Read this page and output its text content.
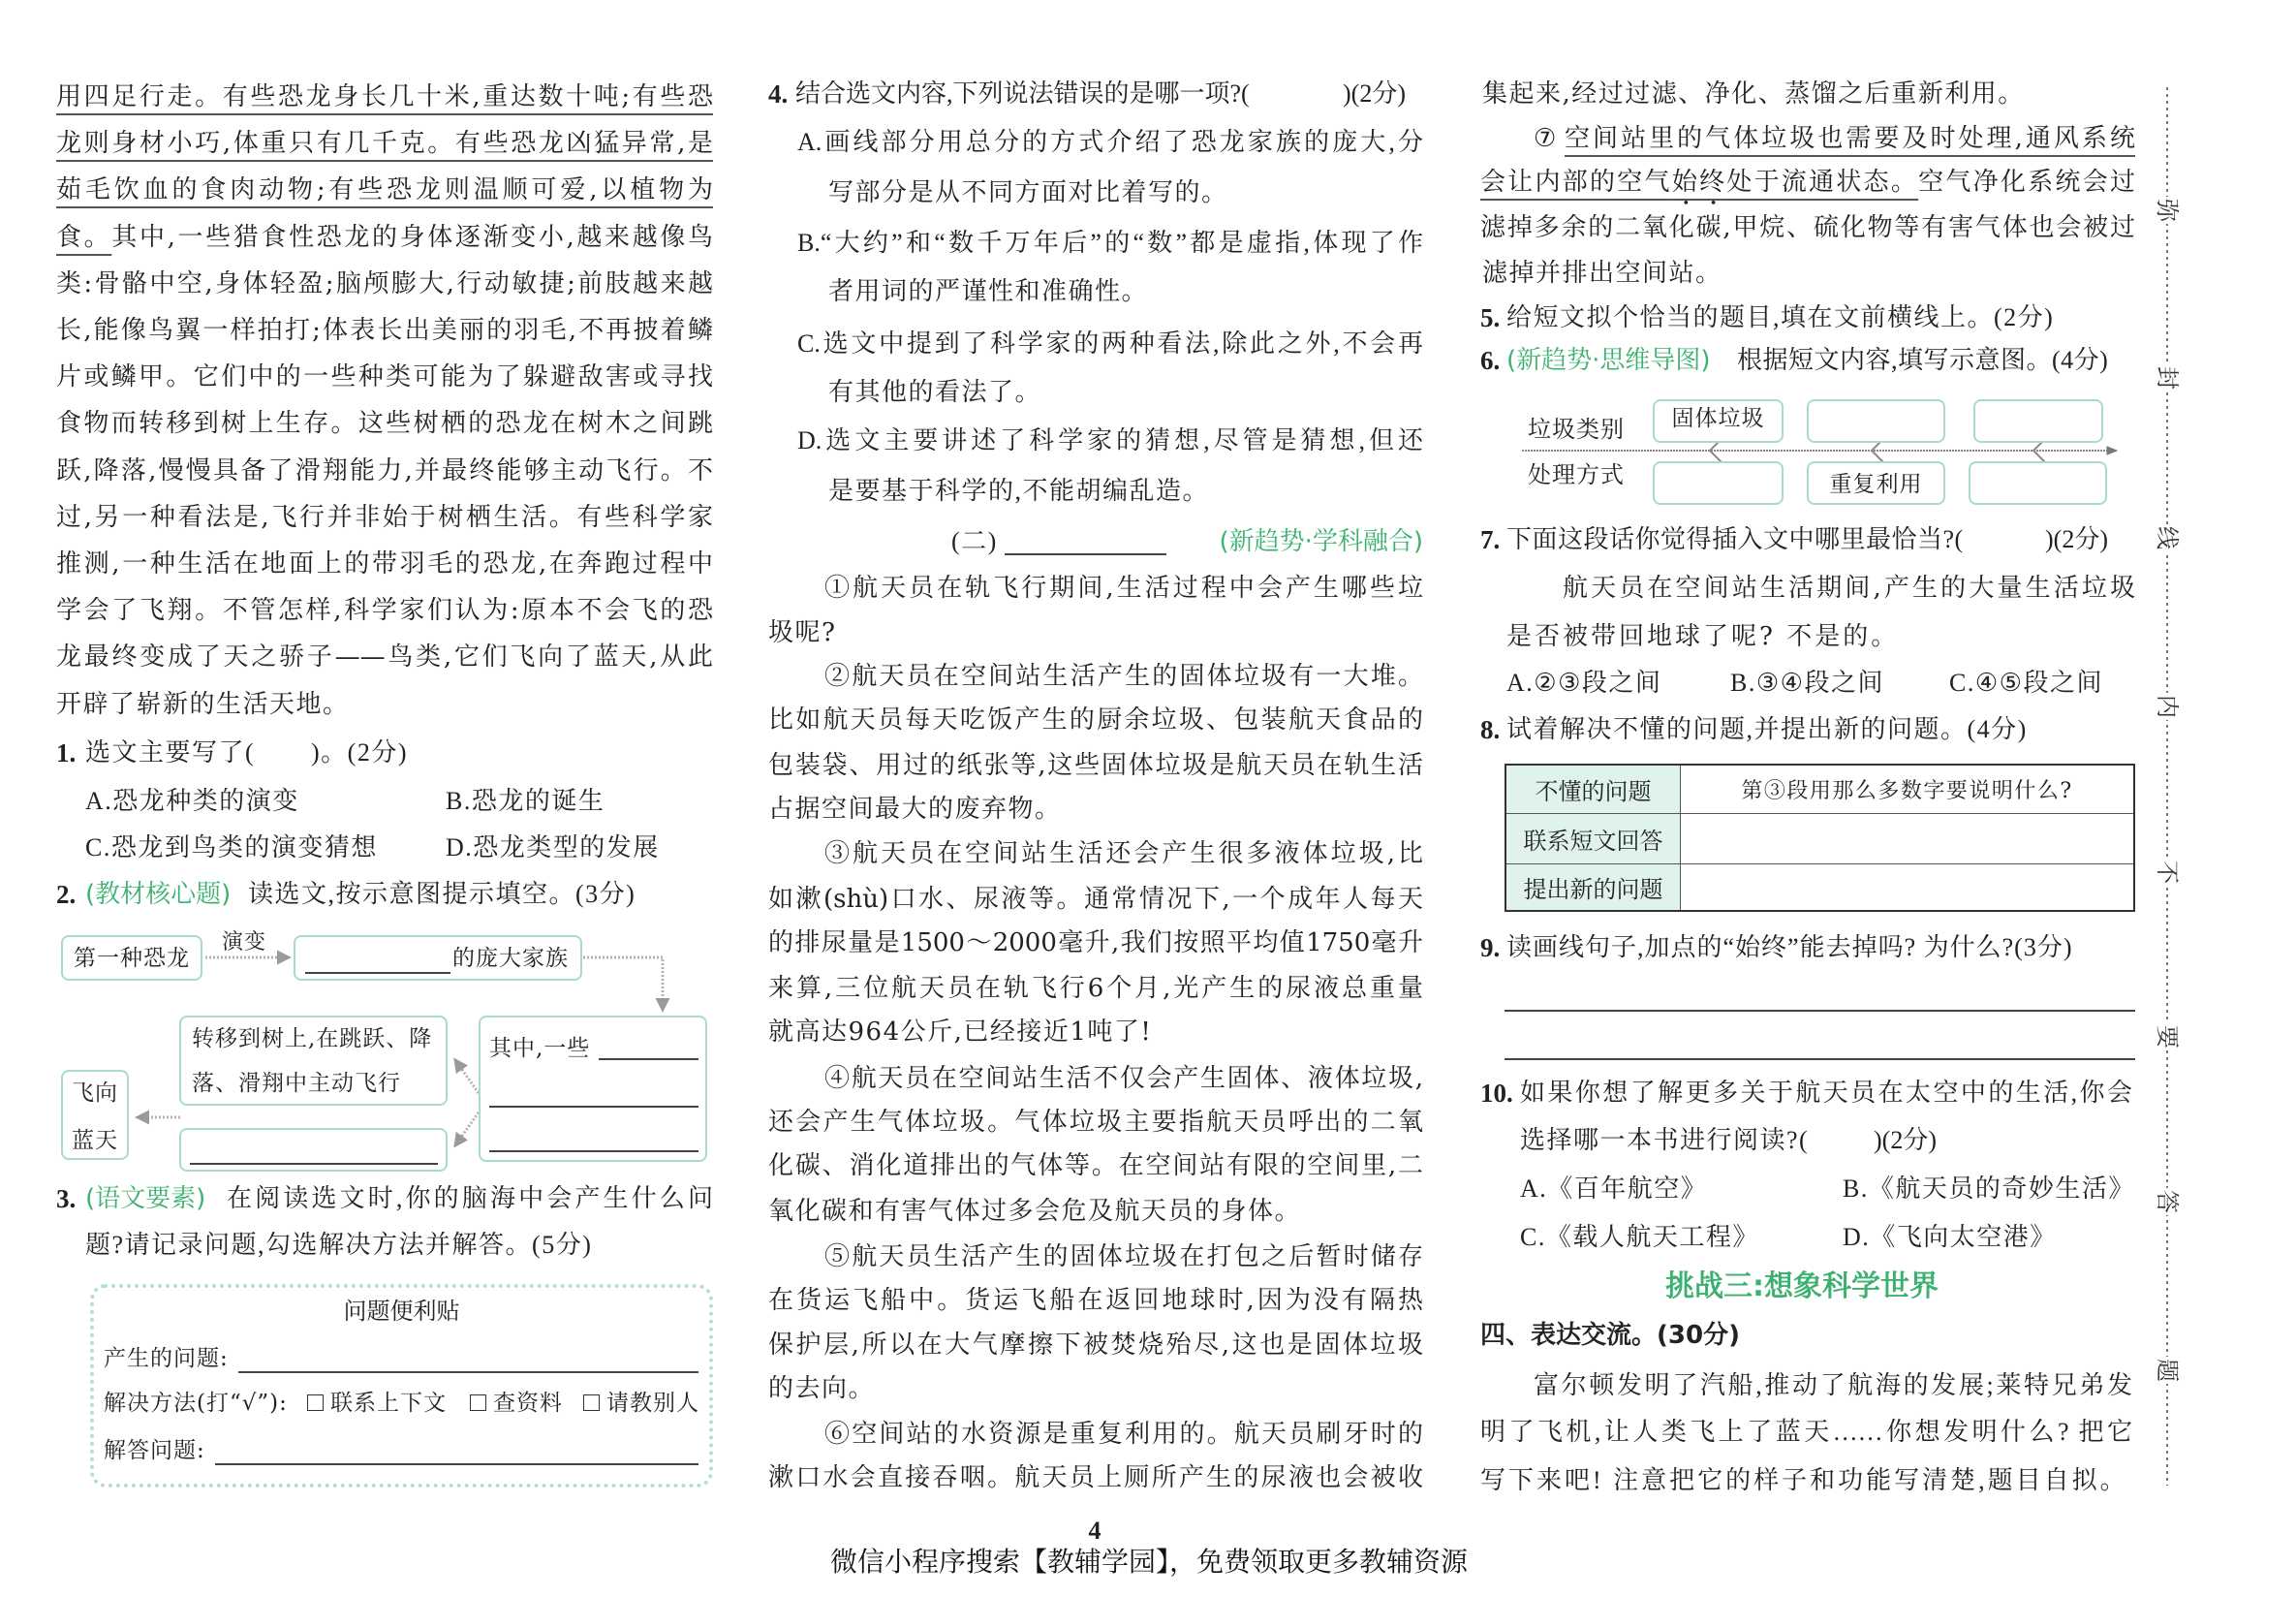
用四足行走。有些恐龙身长几十米,重达数十吨;有些恐
龙则身材小巧,体重只有几千克。有些恐龙凶猛异常,是
茹毛饮血的食肉动物;有些恐龙则温顺可爱,以植物为
食。其中,一些猎食性恐龙的身体逐渐变小,越来越像鸟
类:骨骼中空,身体轻盈;脑颅膨大,行动敏捷;前肢越来越
长,能像鸟翼一样拍打;体表长出美丽的羽毛,不再披着鳞
片或鳞甲。它们中的一些种类可能为了躲避敌害或寻找
食物而转移到树上生存。这些树栖的恐龙在树木之间跳
跃,降落,慢慢具备了滑翔能力,并最终能够主动飞行。不
过,另一种看法是,飞行并非始于树栖生活。有些科学家
推测,一种生活在地面上的带羽毛的恐龙,在奔跑过程中
学会了飞翔。不管怎样,科学家们认为:原本不会飞的恐
龙最终变成了天之骄子——鸟类,它们飞向了蓝天,从此
开辟了崭新的生活天地。
1. 选文主要写了( )。(2分)
A.恐龙种类的演变	B.恐龙的诞生
C.恐龙到鸟类的演变猜想	D.恐龙类型的发展
2. (教材核心题) 读选文,按示意图提示填空。(3分)
第一种恐龙
演变
的庞大家族
其中,一些
转移到树上,在跳跃、降
落、滑翔中主动飞行
飞向
蓝天
3. (语文要素) 在阅读选文时,你的脑海中会产生什么问
题?请记录问题,勾选解决方法并解答。(5分)
问题便利贴
产生的问题:
解决方法(打“√”): 联系上下文 查资料 请教别人
解答问题:
4. 结合选文内容,下列说法错误的是哪一项?(	)(2分)
A.画线部分用总分的方式介绍了恐龙家族的庞大,分
写部分是从不同方面对比着写的。
B.“大约”和“数千万年后”的“数”都是虚指,体现了作
者用词的严谨性和准确性。
C.选文中提到了科学家的两种看法,除此之外,不会再
有其他的看法了。
D.选文主要讲述了科学家的猜想,尽管是猜想,但还
是要基于科学的,不能胡编乱造。
(二)	(新趋势·学科融合)
①航天员在轨飞行期间,生活过程中会产生哪些垃
圾呢?
②航天员在空间站生活产生的固体垃圾有一大堆。
比如航天员每天吃饭产生的厨余垃圾、包装航天食品的
包装袋、用过的纸张等,这些固体垃圾是航天员在轨生活
占据空间最大的废弃物。
③航天员在空间站生活还会产生很多液体垃圾,比
如漱(shù)口水、尿液等。通常情况下,一个成年人每天
的排尿量是1500～2000毫升,我们按照平均值1750毫升
来算,三位航天员在轨飞行6个月,光产生的尿液总重量
就高达964公斤,已经接近1吨了!
④航天员在空间站生活不仅会产生固体、液体垃圾,
还会产生气体垃圾。气体垃圾主要指航天员呼出的二氧
化碳、消化道排出的气体等。在空间站有限的空间里,二
氧化碳和有害气体过多会危及航天员的身体。
⑤航天员生活产生的固体垃圾在打包之后暂时储存
在货运飞船中。货运飞船在返回地球时,因为没有隔热
保护层,所以在大气摩擦下被焚烧殆尽,这也是固体垃圾
的去向。
⑥空间站的水资源是重复利用的。航天员刷牙时的
漱口水会直接吞咽。航天员上厕所产生的尿液也会被收
集起来,经过过滤、净化、蒸馏之后重新利用。
⑦ 空间站里的气体垃圾也需要及时处理,通风系统
会让内部的空气始终处于流通状态。空气净化系统会过
滤掉多余的二氧化碳,甲烷、硫化物等有害气体也会被过
滤掉并排出空间站。
5. 给短文拟个恰当的题目,填在文前横线上。(2分)
6. (新趋势·思维导图) 根据短文内容,填写示意图。(4分)
垃圾类别
处理方式
固体垃圾
重复利用
7. 下面这段话你觉得插入文中哪里最恰当?(	)(2分)
航天员在空间站生活期间,产生的大量生活垃圾
是否被带回地球了呢? 不是的。
A.②③段之间	B.③④段之间	C.④⑤段之间
8. 试着解决不懂的问题,并提出新的问题。(4分)
不懂的问题	第③段用那么多数字要说明什么?
联系短文回答
提出新的问题
9. 读画线句子,加点的“始终”能去掉吗? 为什么?(3分)
10. 如果你想了解更多关于航天员在太空中的生活,你会
选择哪一本书进行阅读?(	)(2分)
A.《百年航空》	B.《航天员的奇妙生活》
C.《载人航天工程》	D.《飞向太空港》
挑战三:想象科学世界
四、表达交流。(30分)
富尔顿发明了汽船,推动了航海的发展;莱特兄弟发
明了飞机,让人类飞上了蓝天……你想发明什么? 把它
写下来吧! 注意把它的样子和功能写清楚,题目自拟。
弥
封
线
内
不
要
答
题
4
微信小程序搜索【教辅学园】，免费领取更多教辅资源
